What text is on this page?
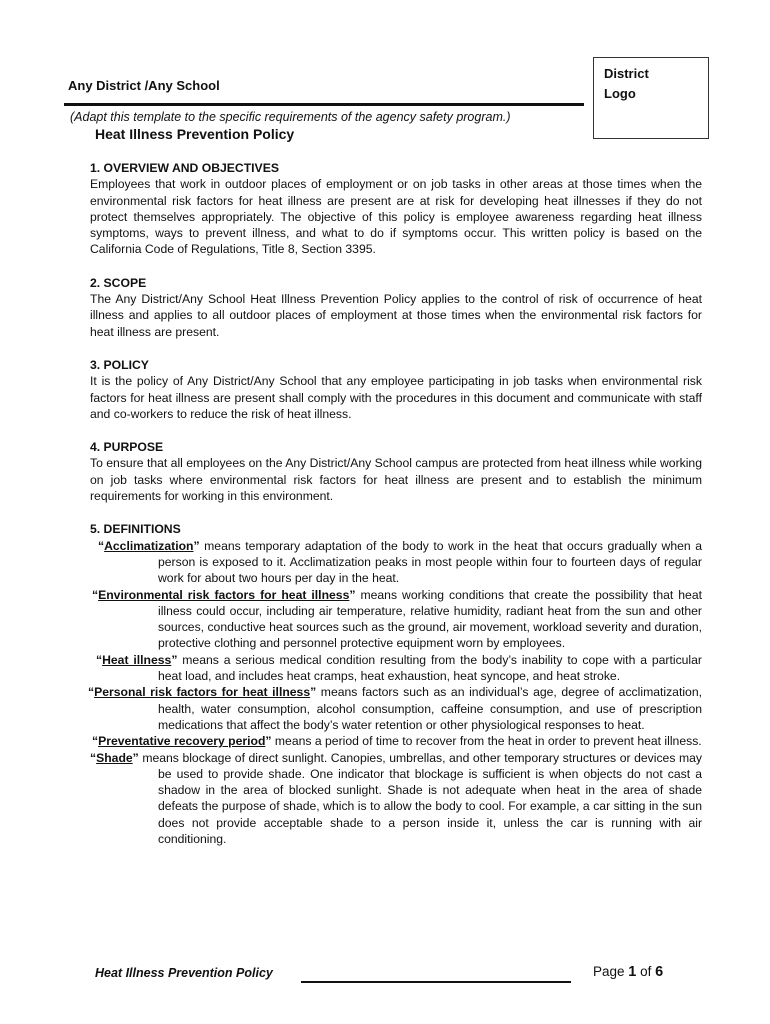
Any District /Any School
District
Logo
(Adapt this template to the specific requirements of the agency safety program.)
Heat Illness Prevention Policy
1. OVERVIEW AND OBJECTIVES

Employees that work in outdoor places of employment or on job tasks in other areas at those times when the environmental risk factors for heat illness are present are at risk for developing heat illnesses if they do not protect themselves appropriately. The objective of this policy is employee awareness regarding heat illness symptoms, ways to prevent illness, and what to do if symptoms occur. This written policy is based on the California Code of Regulations, Title 8, Section 3395.

2. SCOPE

The Any District/Any School Heat Illness Prevention Policy applies to the control of risk of occurrence of heat illness and applies to all outdoor places of employment at those times when the environmental risk factors for heat illness are present.

3. POLICY

It is the policy of Any District/Any School that any employee participating in job tasks when environmental risk factors for heat illness are present shall comply with the procedures in this document and communicate with staff and co-workers to reduce the risk of heat illness.

4. PURPOSE

To ensure that all employees on the Any District/Any School campus are protected from heat illness while working on job tasks where environmental risk factors for heat illness are present and to establish the minimum requirements for working in this environment.

5. DEFINITIONS

“Acclimatization” means temporary adaptation of the body to work in the heat that occurs gradually when a person is exposed to it. Acclimatization peaks in most people within four to fourteen days of regular work for about two hours per day in the heat.

“Environmental risk factors for heat illness” means working conditions that create the possibility that heat illness could occur, including air temperature, relative humidity, radiant heat from the sun and other sources, conductive heat sources such as the ground, air movement, workload severity and duration, protective clothing and personnel protective equipment worn by employees.

“Heat illness” means a serious medical condition resulting from the body’s inability to cope with a particular heat load, and includes heat cramps, heat exhaustion, heat syncope, and heat stroke.

“Personal risk factors for heat illness” means factors such as an individual’s age, degree of acclimatization, health, water consumption, alcohol consumption, caffeine consumption, and use of prescription medications that affect the body’s water retention or other physiological responses to heat.

“Preventative recovery period” means a period of time to recover from the heat in order to prevent heat illness.

“Shade” means blockage of direct sunlight. Canopies, umbrellas, and other temporary structures or devices may be used to provide shade. One indicator that blockage is sufficient is when objects do not cast a shadow in the area of blocked sunlight. Shade is not adequate when heat in the area of shade defeats the purpose of shade, which is to allow the body to cool. For example, a car sitting in the sun does not provide acceptable shade to a person inside it, unless the car is running with air conditioning.

Heat Illness Prevention Policy	Page 1 of 6
